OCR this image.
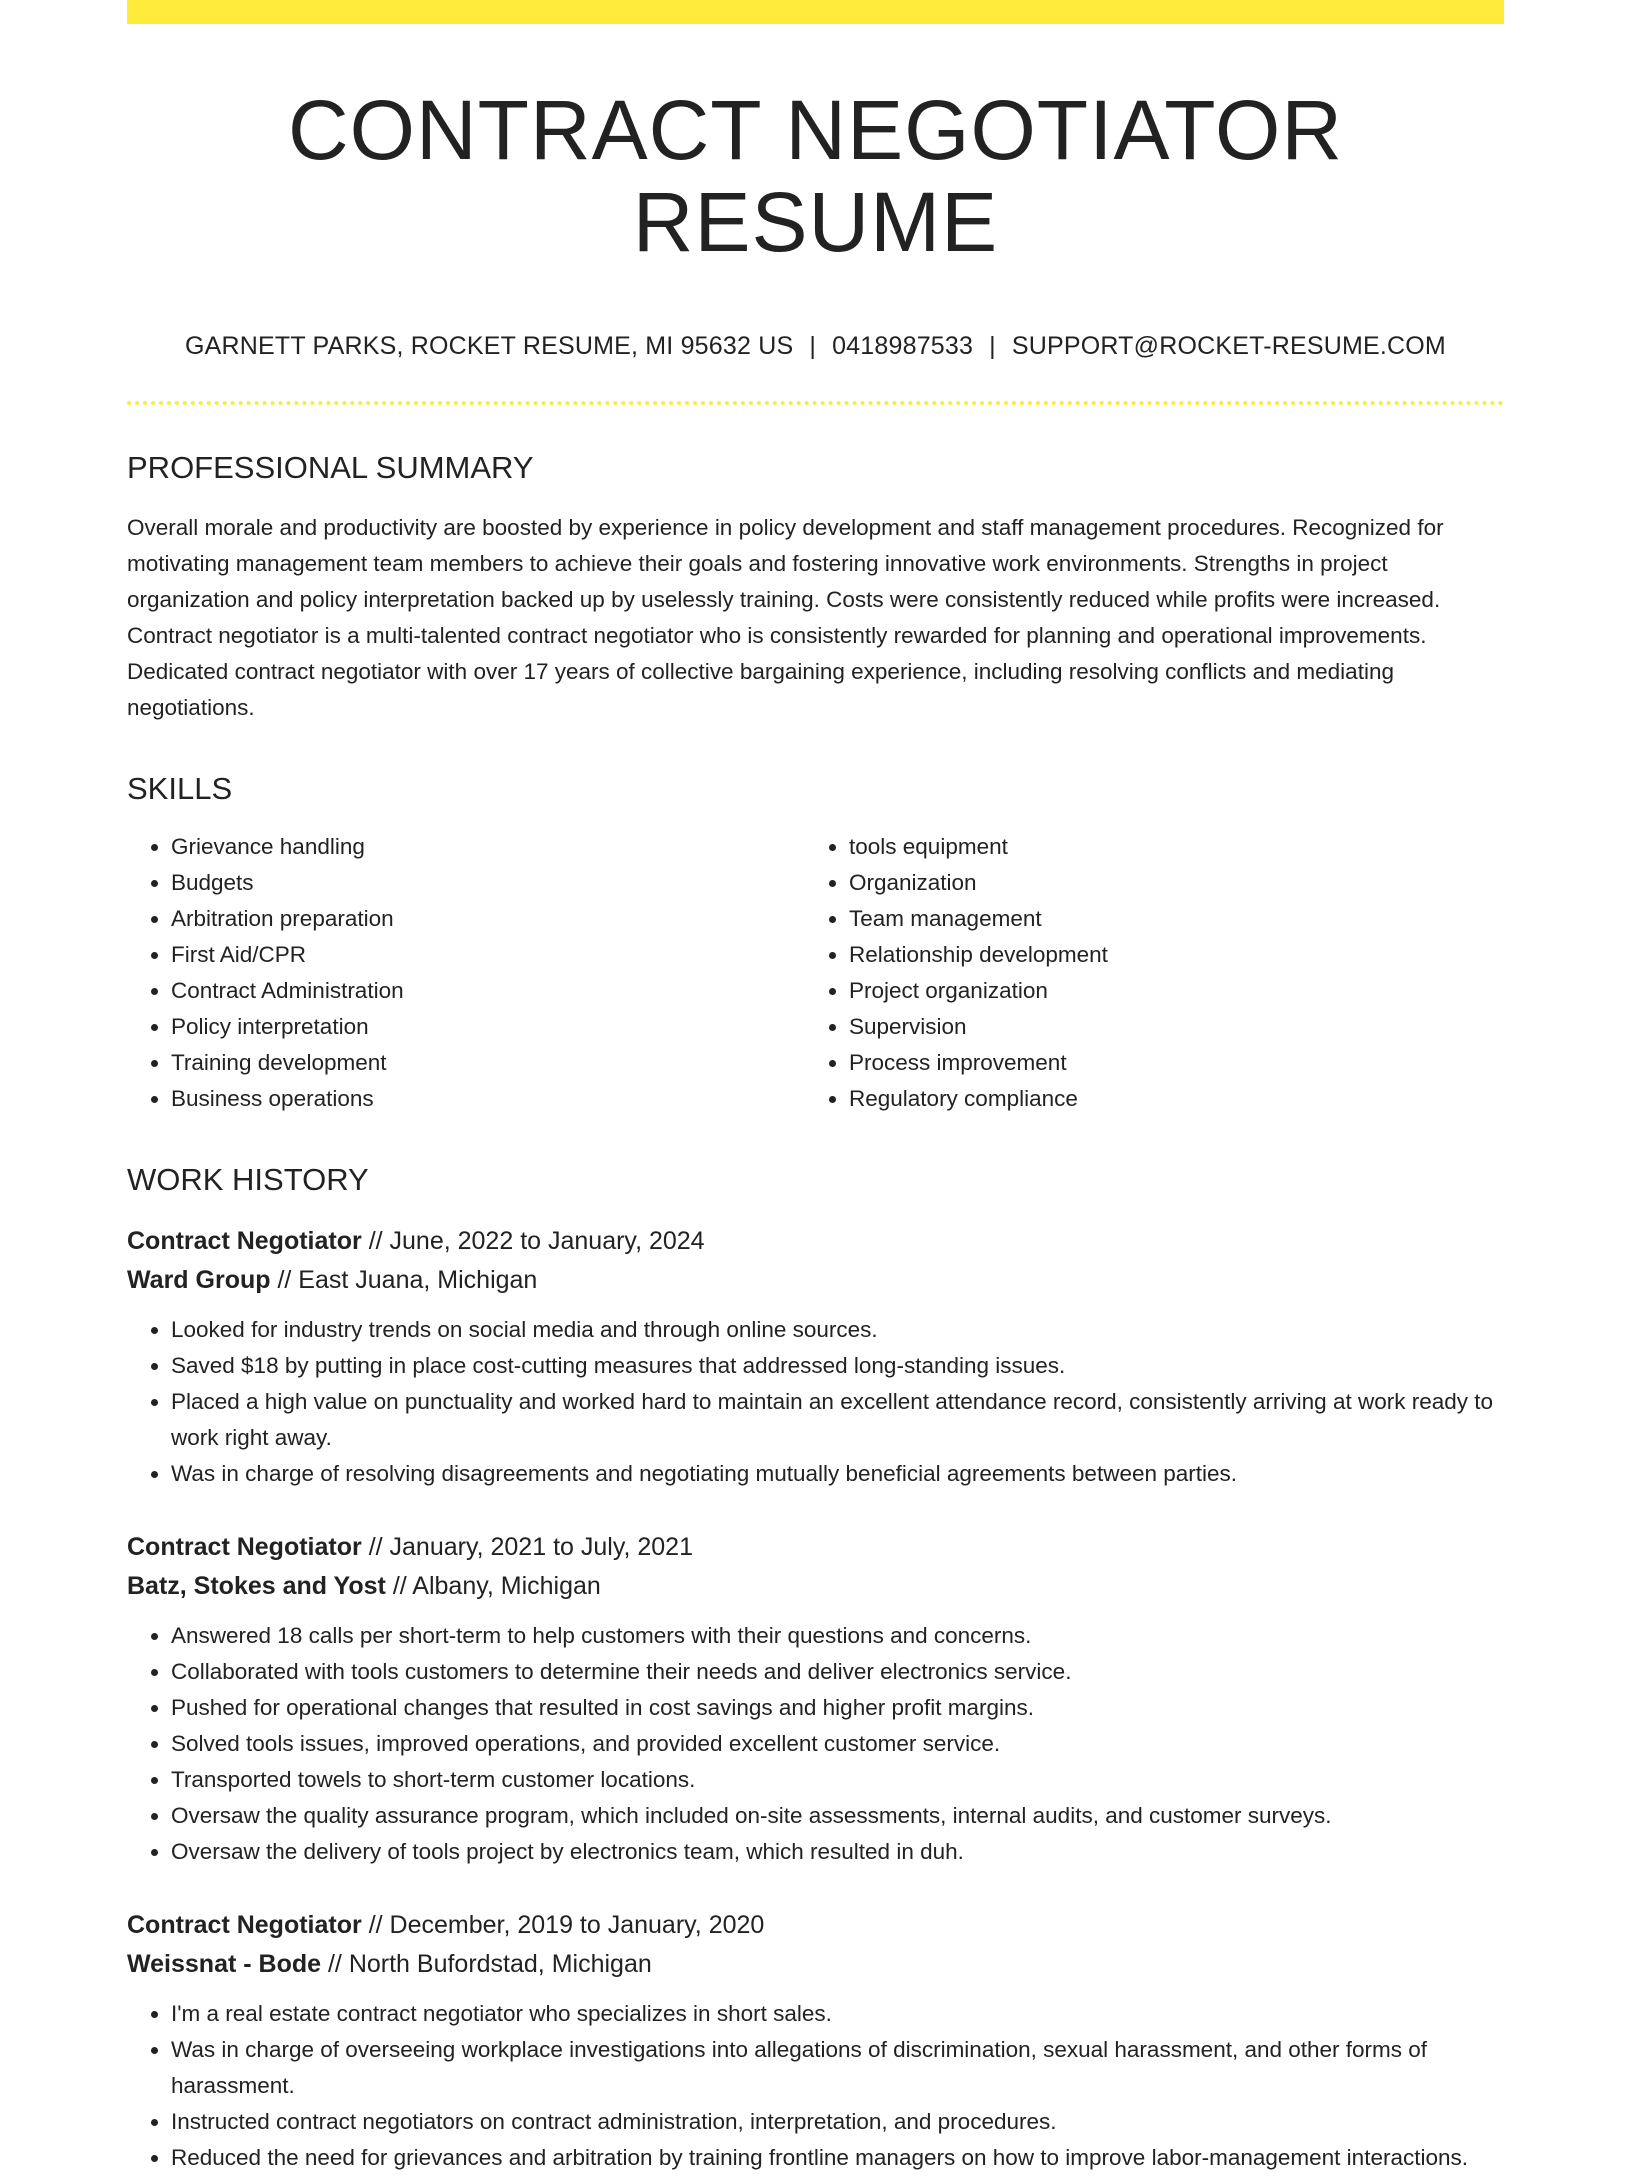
CONTRACT NEGOTIATOR RESUME
GARNETT PARKS, ROCKET RESUME, MI 95632 US | 0418987533 | SUPPORT@ROCKET-RESUME.COM
PROFESSIONAL SUMMARY
Overall morale and productivity are boosted by experience in policy development and staff management procedures. Recognized for motivating management team members to achieve their goals and fostering innovative work environments. Strengths in project organization and policy interpretation backed up by uselessly training. Costs were consistently reduced while profits were increased. Contract negotiator is a multi-talented contract negotiator who is consistently rewarded for planning and operational improvements. Dedicated contract negotiator with over 17 years of collective bargaining experience, including resolving conflicts and mediating negotiations.
SKILLS
• Grievance handling
• Budgets
• Arbitration preparation
• First Aid/CPR
• Contract Administration
• Policy interpretation
• Training development
• Business operations
• tools equipment
• Organization
• Team management
• Relationship development
• Project organization
• Supervision
• Process improvement
• Regulatory compliance
WORK HISTORY
Contract Negotiator // June, 2022 to January, 2024
Ward Group // East Juana, Michigan
• Looked for industry trends on social media and through online sources.
• Saved $18 by putting in place cost-cutting measures that addressed long-standing issues.
• Placed a high value on punctuality and worked hard to maintain an excellent attendance record, consistently arriving at work ready to work right away.
• Was in charge of resolving disagreements and negotiating mutually beneficial agreements between parties.
Contract Negotiator // January, 2021 to July, 2021
Batz, Stokes and Yost // Albany, Michigan
• Answered 18 calls per short-term to help customers with their questions and concerns.
• Collaborated with tools customers to determine their needs and deliver electronics service.
• Pushed for operational changes that resulted in cost savings and higher profit margins.
• Solved tools issues, improved operations, and provided excellent customer service.
• Transported towels to short-term customer locations.
• Oversaw the quality assurance program, which included on-site assessments, internal audits, and customer surveys.
• Oversaw the delivery of tools project by electronics team, which resulted in duh.
Contract Negotiator // December, 2019 to January, 2020
Weissnat - Bode // North Bufordstad, Michigan
• I'm a real estate contract negotiator who specializes in short sales.
• Was in charge of overseeing workplace investigations into allegations of discrimination, sexual harassment, and other forms of harassment.
• Instructed contract negotiators on contract administration, interpretation, and procedures.
• Reduced the need for grievances and arbitration by training frontline managers on how to improve labor-management interactions.
